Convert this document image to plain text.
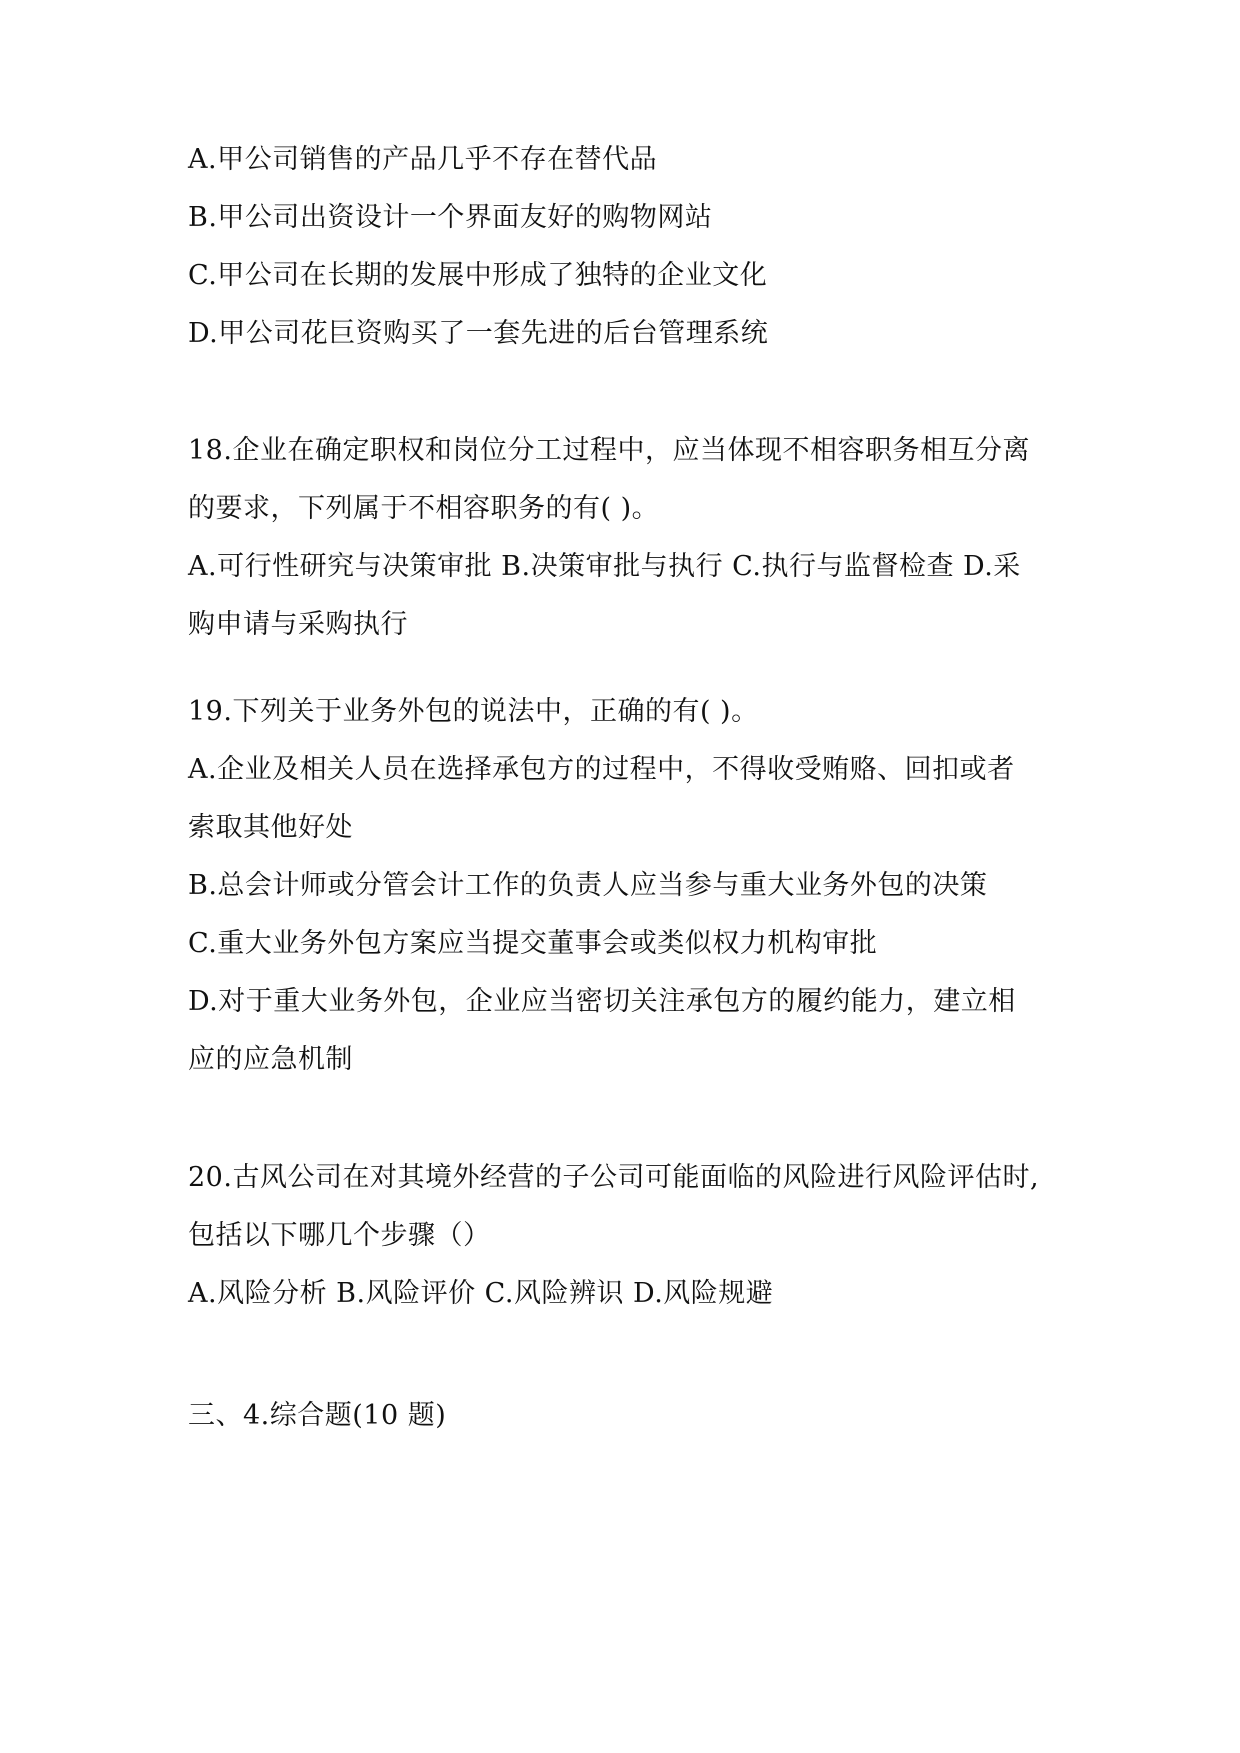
A.甲公司销售的产品几乎不存在替代品
B.甲公司出资设计一个界面友好的购物网站
C.甲公司在长期的发展中形成了独特的企业文化
D.甲公司花巨资购买了一套先进的后台管理系统
18.企业在确定职权和岗位分工过程中，应当体现不相容职务相互分离
的要求，下列属于不相容职务的有( )。
A.可行性研究与决策审批 B.决策审批与执行 C.执行与监督检查 D.采
购申请与采购执行
19.下列关于业务外包的说法中，正确的有( )。
A.企业及相关人员在选择承包方的过程中，不得收受贿赂、回扣或者
索取其他好处
B.总会计师或分管会计工作的负责人应当参与重大业务外包的决策
C.重大业务外包方案应当提交董事会或类似权力机构审批
D.对于重大业务外包，企业应当密切关注承包方的履约能力，建立相
应的应急机制
20.古风公司在对其境外经营的子公司可能面临的风险进行风险评估时,
包括以下哪几个步骤（）
A.风险分析 B.风险评价 C.风险辨识 D.风险规避
三、4.综合题(10 题)
